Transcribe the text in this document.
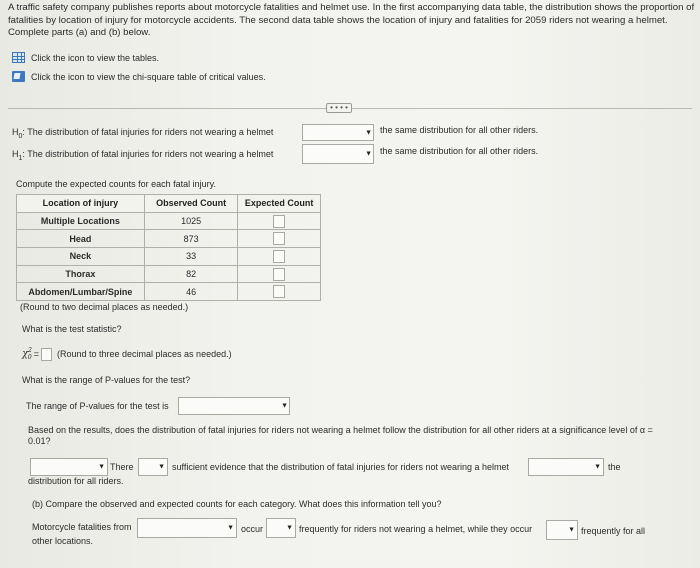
A traffic safety company publishes reports about motorcycle fatalities and helmet use. In the first accompanying data table, the distribution shows the proportion of fatalities by location of injury for motorcycle accidents. The second data table shows the location of injury and fatalities for 2059 riders not wearing a helmet. Complete parts (a) and (b) below.
Click the icon to view the tables.
Click the icon to view the chi-square table of critical values.
• • • •
$H_0$: The distribution of fatal injuries for riders not wearing a helmet	▼ the same distribution for all other riders.
$H_1$: The distribution of fatal injuries for riders not wearing a helmet	▼ the same distribution for all other riders.
Compute the expected counts for each fatal injury.
Location of injury	Observed Count	Expected Count
Multiple Locations	1025	

Head	873	

Neck	33	

Thorax	82	

Abdomen/Lumbar/Spine	46	
(Round to two decimal places as needed.)
What is the test statistic?
$\chi^2_0$ = (Round to three decimal places as needed.)
What is the range of P-values for the test?
The range of P-values for the test is	▼
Based on the results, does the distribution of fatal injuries for riders not wearing a helmet follow the distribution for all other riders at a significance level of α = 0.01?
▼ There	▼ sufficient evidence that the distribution of fatal injuries for riders not wearing a helmet	▼ the
distribution for all riders.
(b) Compare the observed and expected counts for each category. What does this information tell you?
Motorcycle fatalities from	▼ occur	▼ frequently for riders not wearing a helmet, while they occur	▼ frequently for all
other locations.
